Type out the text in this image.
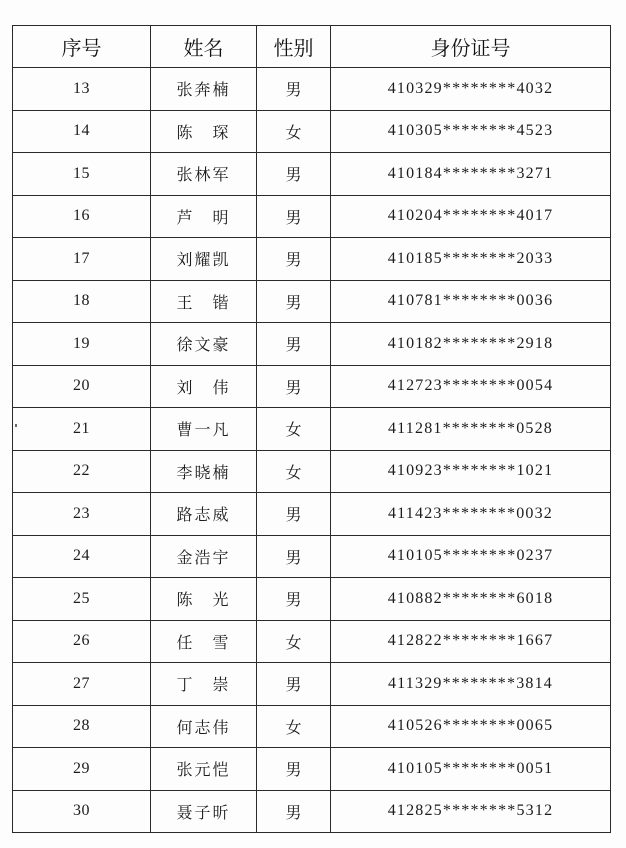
序号	姓名	性别	身份证号
13	张奔楠	男	410329********4032
14	陈　琛	女	410305********4523
15	张林军	男	410184********3271
16	芦　明	男	410204********4017
17	刘耀凯	男	410185********2033
18	王　锴	男	410781********0036
19	徐文豪	男	410182********2918
20	刘　伟	男	412723********0054
21	曹一凡	女	411281********0528
22	李晓楠	女	410923********1021
23	路志威	男	411423********0032
24	金浩宇	男	410105********0237
25	陈　光	男	410882********6018
26	任　雪	女	412822********1667
27	丁　崇	男	411329********3814
28	何志伟	女	410526********0065
29	张元恺	男	410105********0051
30	聂子昕	男	412825********5312
